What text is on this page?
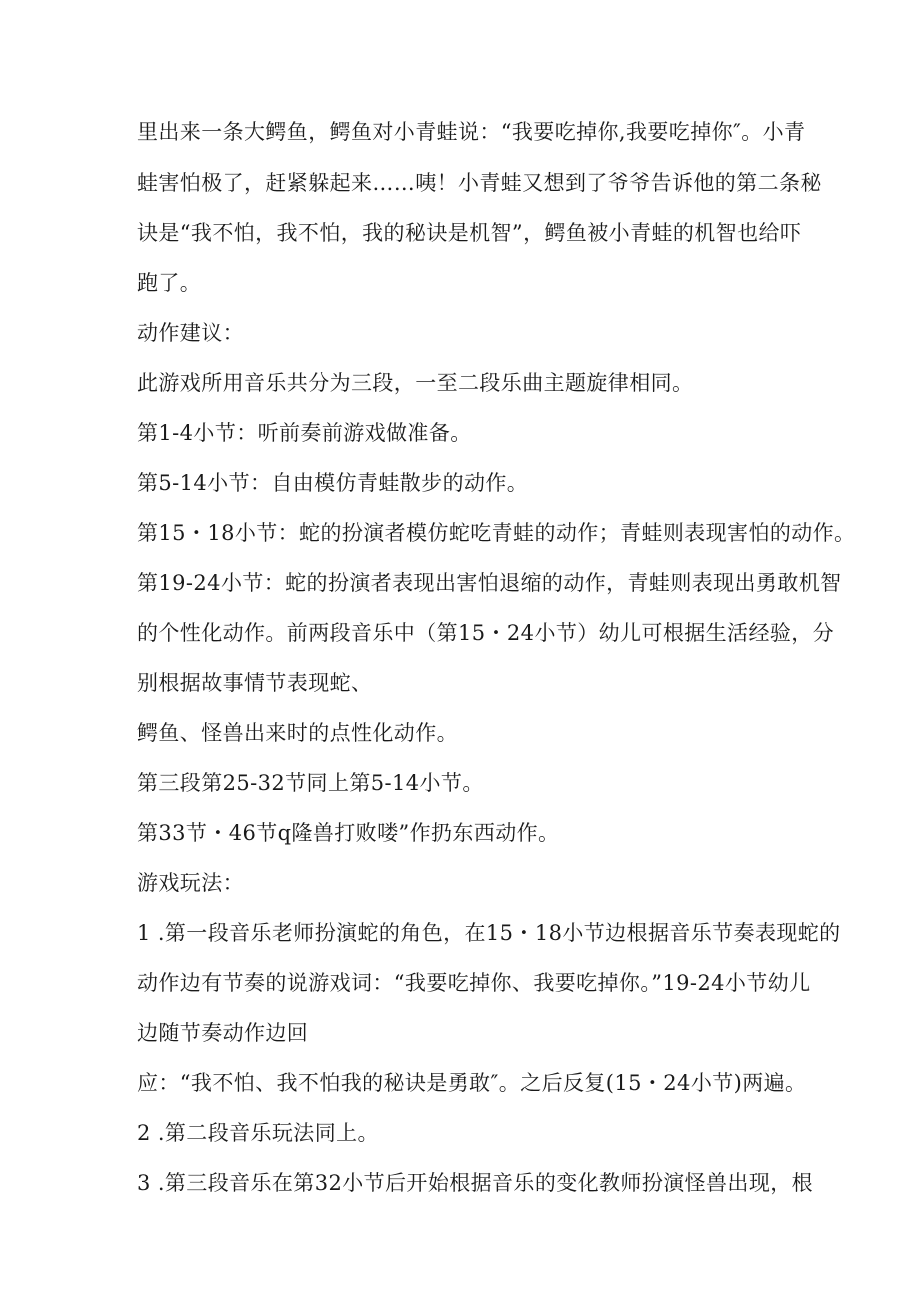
里出来一条大鳄鱼，鳄鱼对小青蛙说：“我要吃掉你,我要吃掉你″。小青
蛙害怕极了，赶紧躲起来……咦！小青蛙又想到了爷爷告诉他的第二条秘
诀是“我不怕，我不怕，我的秘诀是机智”，鳄鱼被小青蛙的机智也给吓
跑了。
动作建议：
此游戏所用音乐共分为三段，一至二段乐曲主题旋律相同。
第1-4小节：听前奏前游戏做准备。
第5-14小节：自由模仿青蛙散步的动作。
第15・18小节：蛇的扮演者模仿蛇吃青蛙的动作；青蛙则表现害怕的动作。
第19-24小节：蛇的扮演者表现出害怕退缩的动作，青蛙则表现出勇敢机智
的个性化动作。前两段音乐中（第15・24小节）幼儿可根据生活经验，分
别根据故事情节表现蛇、
鳄鱼、怪兽出来时的点性化动作。
第三段第25-32节同上第5-14小节。
第33节・46节q隆兽打败喽”作扔东西动作。
游戏玩法：
1 .第一段音乐老师扮演蛇的角色，在15・18小节边根据音乐节奏表现蛇的
动作边有节奏的说游戏词：“我要吃掉你、我要吃掉你。”19-24小节幼儿
边随节奏动作边回
应：“我不怕、我不怕我的秘诀是勇敢″。之后反复(15・24小节)两遍。
2 .第二段音乐玩法同上。
3 .第三段音乐在第32小节后开始根据音乐的变化教师扮演怪兽出现，根
